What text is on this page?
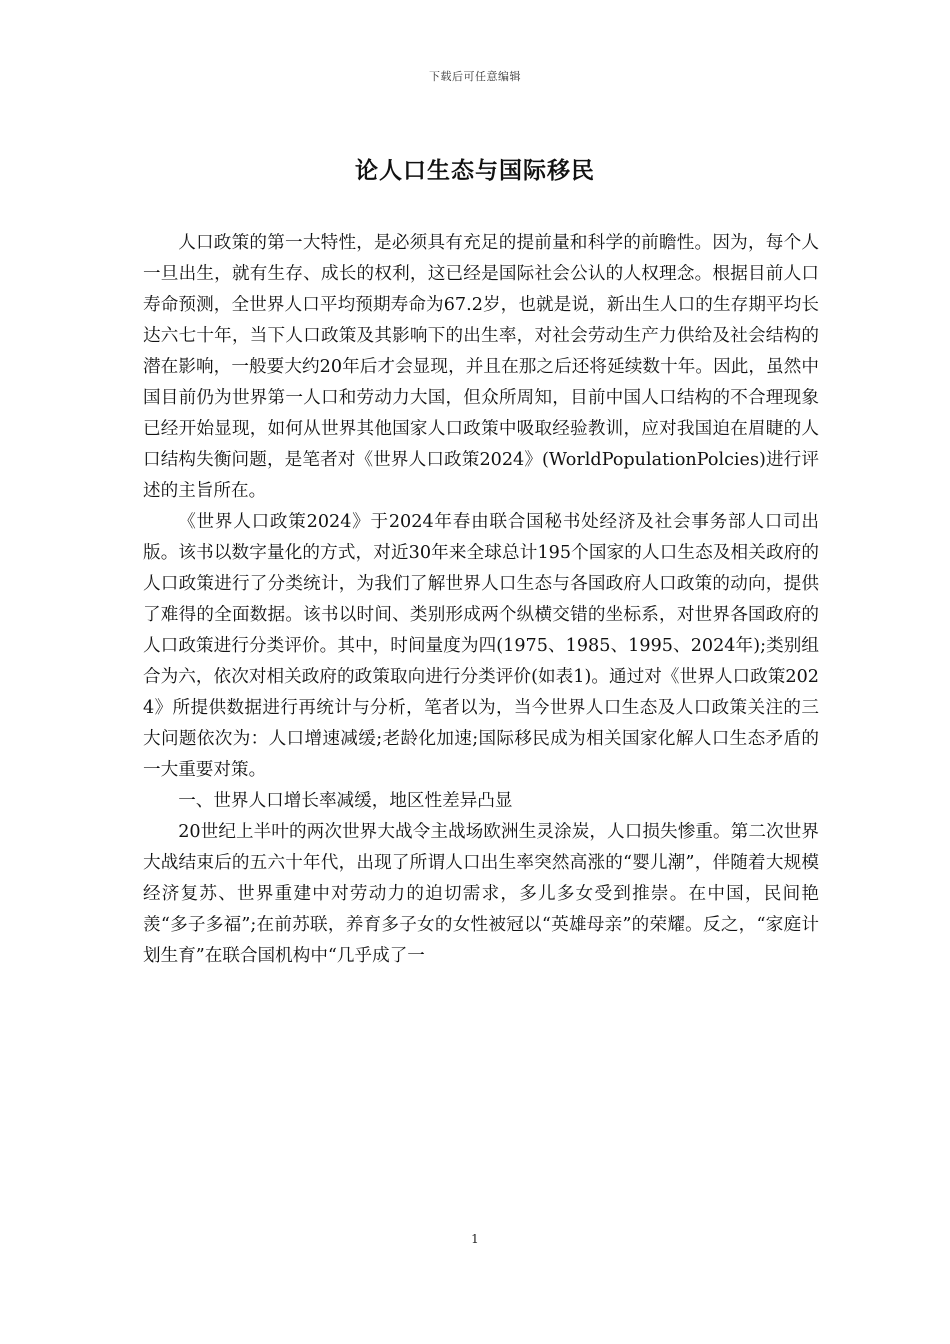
下载后可任意编辑
论人口生态与国际移民

人口政策的第一大特性，是必须具有充足的提前量和科学的前瞻性。因为，每个人一旦出生，就有生存、成长的权利，这已经是国际社会公认的人权理念。根据目前人口寿命预测，全世界人口平均预期寿命为67.2岁，也就是说，新出生人口的生存期平均长达六七十年，当下人口政策及其影响下的出生率，对社会劳动生产力供给及社会结构的潜在影响，一般要大约20年后才会显现，并且在那之后还将延续数十年。因此，虽然中国目前仍为世界第一人口和劳动力大国，但众所周知，目前中国人口结构的不合理现象已经开始显现，如何从世界其他国家人口政策中吸取经验教训，应对我国迫在眉睫的人口结构失衡问题，是笔者对《世界人口政策2024》(WorldPopulationPolcies)进行评述的主旨所在。

《世界人口政策2024》于2024年春由联合国秘书处经济及社会事务部人口司出版。该书以数字量化的方式，对近30年来全球总计195个国家的人口生态及相关政府的人口政策进行了分类统计，为我们了解世界人口生态与各国政府人口政策的动向，提供了难得的全面数据。该书以时间、类别形成两个纵横交错的坐标系，对世界各国政府的人口政策进行分类评价。其中，时间量度为四(1975、1985、1995、2024年);类别组合为六，依次对相关政府的政策取向进行分类评价(如表1)。通过对《世界人口政策2024》所提供数据进行再统计与分析，笔者以为，当今世界人口生态及人口政策关注的三大问题依次为：人口增速减缓;老龄化加速;国际移民成为相关国家化解人口生态矛盾的一大重要对策。

一、世界人口增长率减缓，地区性差异凸显

20世纪上半叶的两次世界大战令主战场欧洲生灵涂炭，人口损失惨重。第二次世界大战结束后的五六十年代，出现了所谓人口出生率突然高涨的“婴儿潮”，伴随着大规模经济复苏、世界重建中对劳动力的迫切需求，多儿多女受到推崇。在中国，民间艳羡“多子多福”;在前苏联，养育多子女的女性被冠以“英雄母亲”的荣耀。反之，“家庭计划生育”在联合国机构中“几乎成了一

1
